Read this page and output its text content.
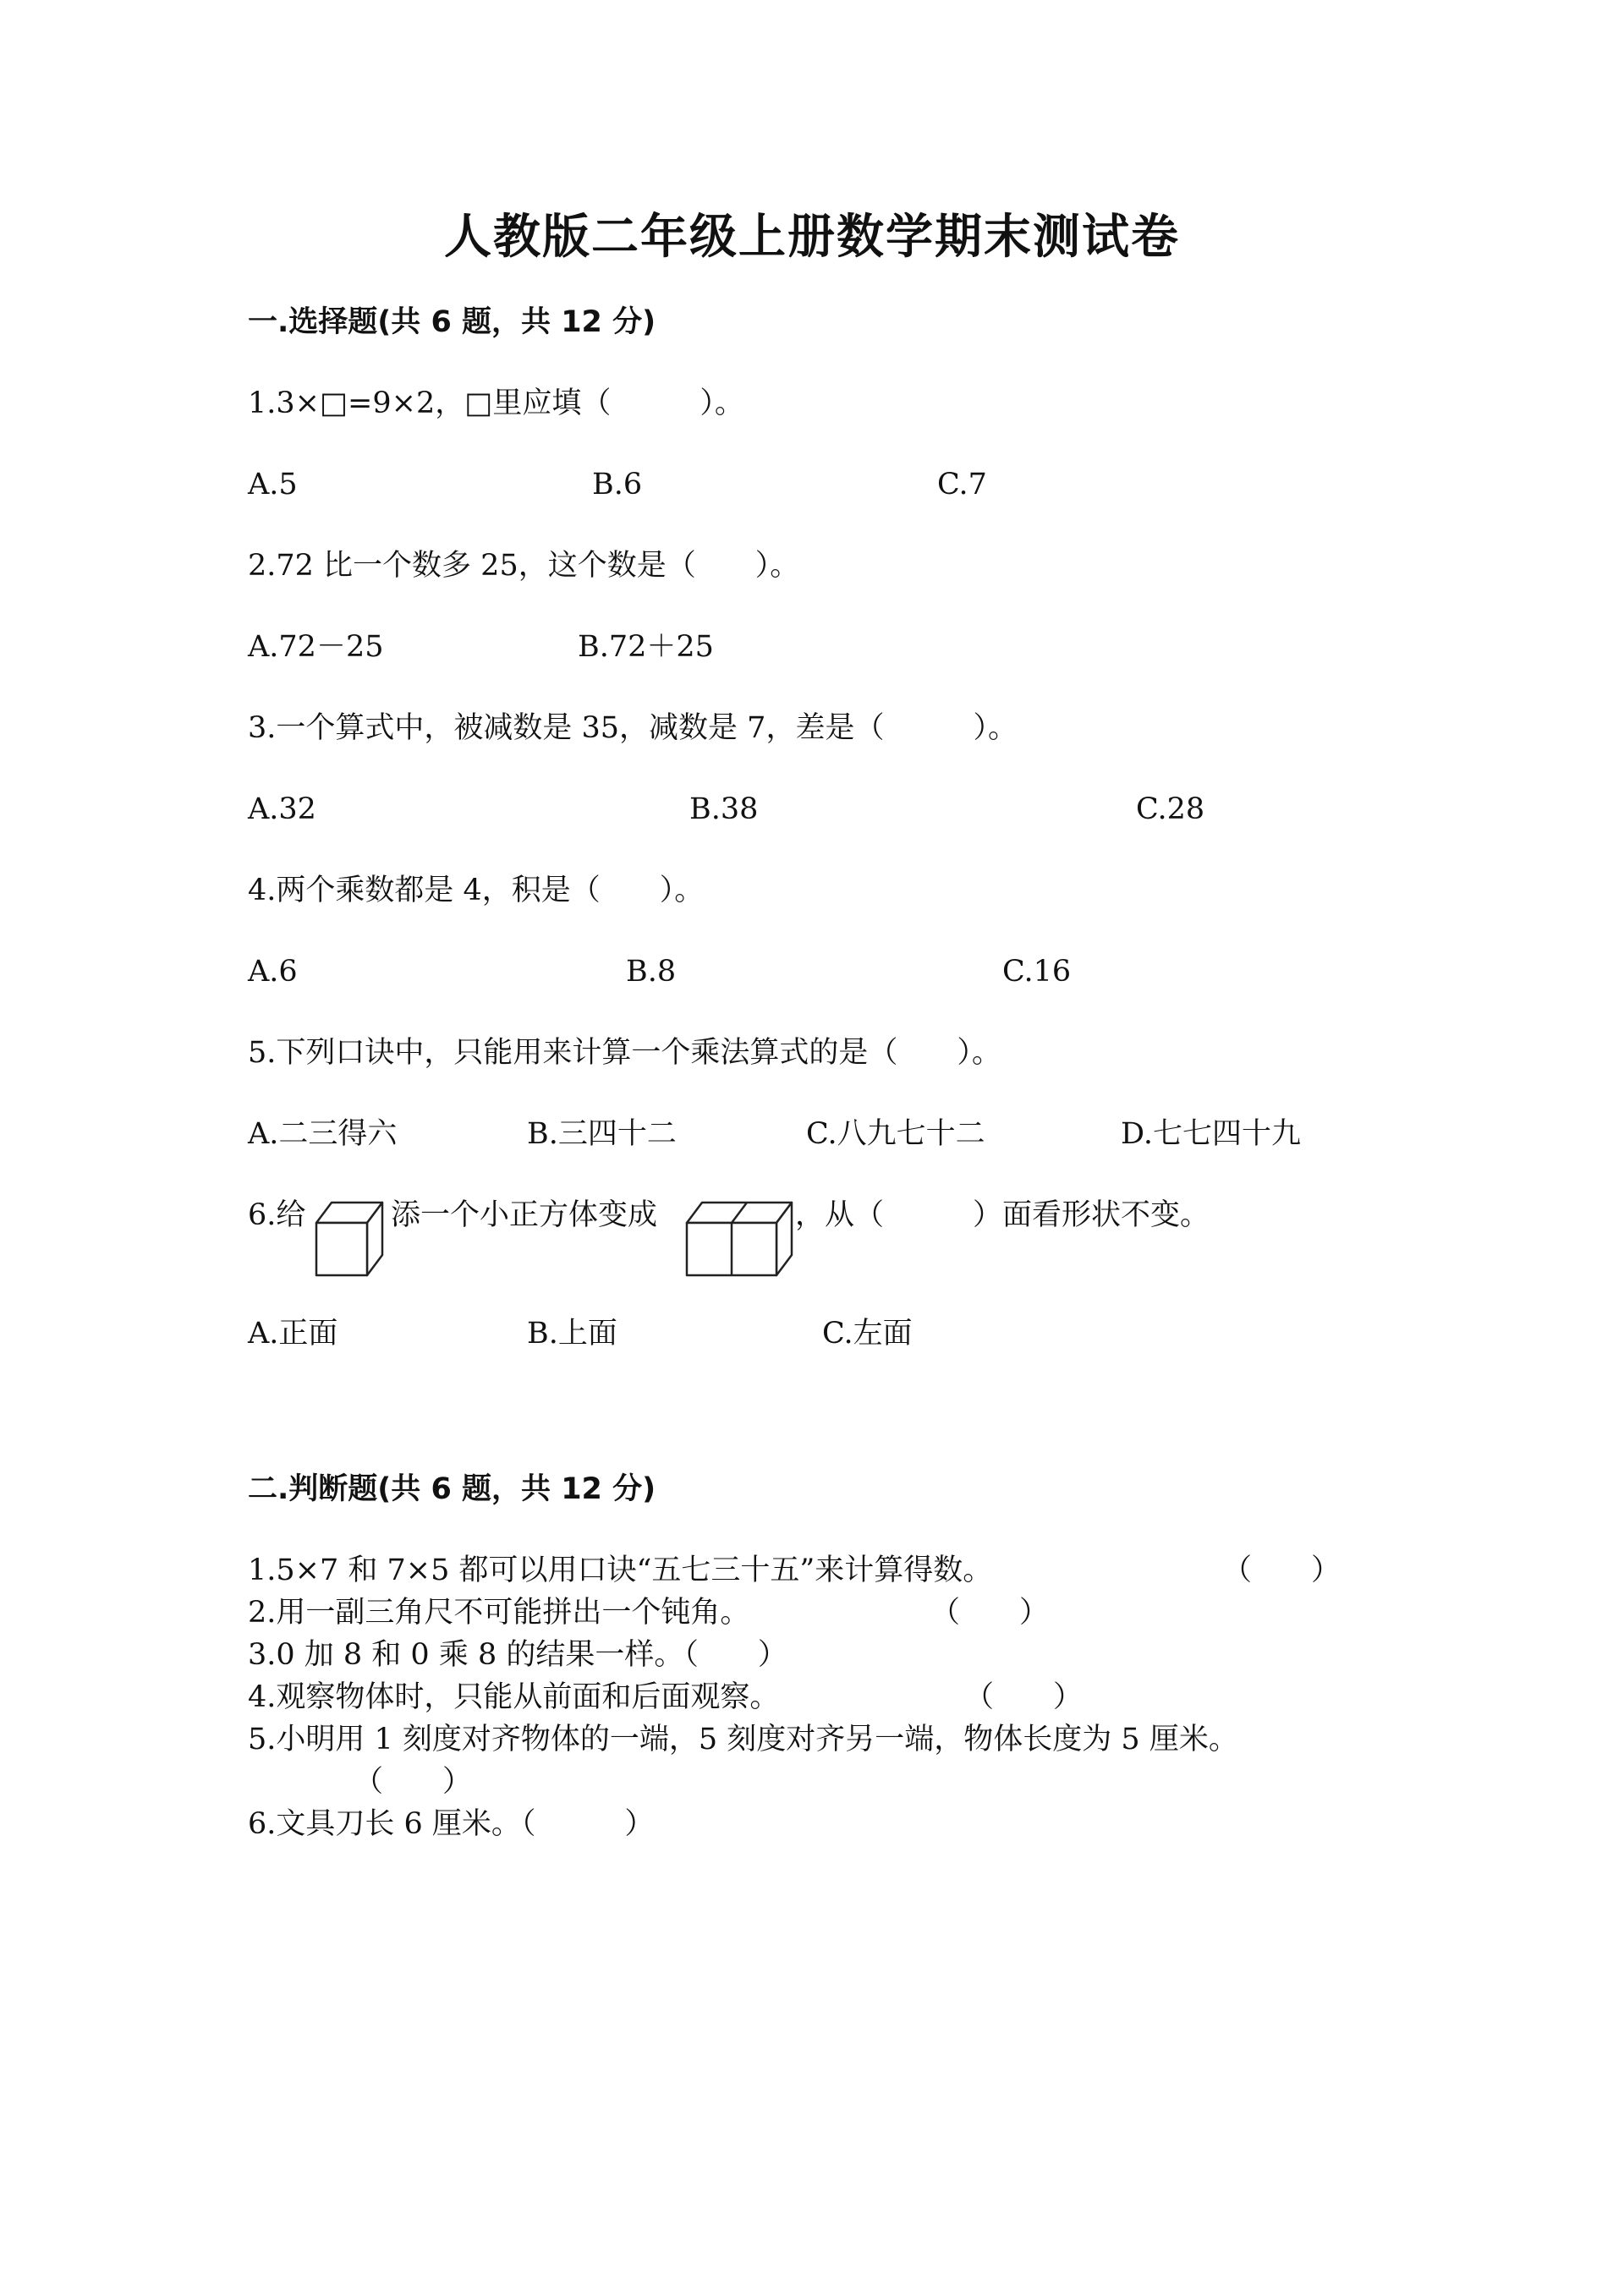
人教版二年级上册数学期末测试卷
一.选择题(共 6 题，共 12 分)
1.3×□=9×2，□里应填（　　　）。
A.5	B.6	C.7
2.72 比一个数多 25，这个数是（　　）。
A.72－25	B.72＋25
3.一个算式中，被减数是 35，减数是 7，差是（　　　）。
A.32	B.38	C.28
4.两个乘数都是 4，积是（　　）。
A.6	B.8	C.16
5.下列口诀中，只能用来计算一个乘法算式的是（　　）。
A.二三得六	B.三四十二	C.八九七十二	D.七七四十九
6.给	添一个小正方体变成	，从（　　　）面看形状不变。
A.正面	B.上面	C.左面
二.判断题(共 6 题，共 12 分)
1.5×7 和 7×5 都可以用口诀“五七三十五”来计算得数。	（　　）
2.用一副三角尺不可能拼出一个钝角。	（　　）
3.0 加 8 和 0 乘 8 的结果一样。（　　）
4.观察物体时，只能从前面和后面观察。	（　　）
5.小明用 1 刻度对齐物体的一端，5 刻度对齐另一端，物体长度为 5 厘米。
（　　）
6.文具刀长 6 厘米。（　　　）
